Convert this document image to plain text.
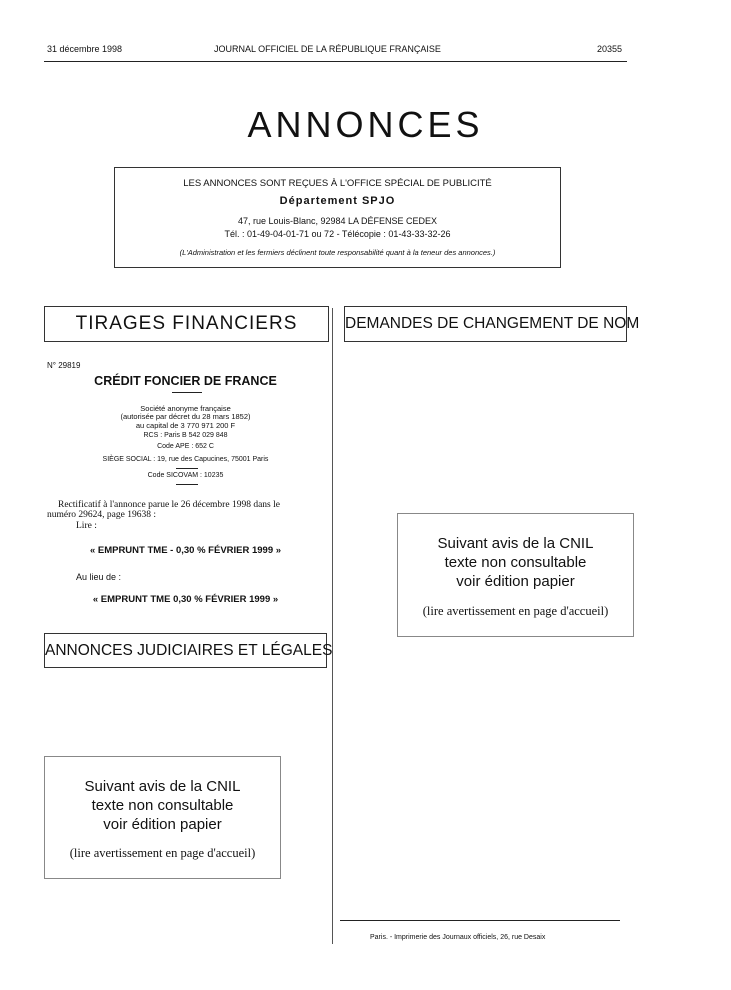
31 décembre 1998	JOURNAL OFFICIEL DE LA RÉPUBLIQUE FRANÇAISE	20355
ANNONCES
LES ANNONCES SONT REÇUES À L'OFFICE SPÉCIAL DE PUBLICITÉ
Département SPJO
47, rue Louis-Blanc, 92984 LA DÉFENSE CEDEX
Tél. : 01-49-04-01-71 ou 72 - Télécopie : 01-43-33-32-26
(L'Administration et les fermiers déclinent toute responsabilité quant à la teneur des annonces.)
TIRAGES FINANCIERS	DEMANDES DE CHANGEMENT DE NOM
N° 29819
CRÉDIT FONCIER DE FRANCE
Société anonyme française
(autorisée par décret du 28 mars 1852)
au capital de 3 770 971 200 F
RCS : Paris B 542 029 848
Code APE : 652 C
SIÈGE SOCIAL : 19, rue des Capucines, 75001 Paris
Code SICOVAM : 10235
Rectificatif à l'annonce parue le 26 décembre 1998 dans le
numéro 29624, page 19638 :
Lire :
« EMPRUNT TME - 0,30 % FÉVRIER 1999 »
Au lieu de :
« EMPRUNT TME 0,30 % FÉVRIER 1999 »
ANNONCES JUDICIAIRES ET LÉGALES
Suivant avis de la CNIL
texte non consultable
voir édition papier
(lire avertissement en page d'accueil)
Suivant avis de la CNIL
texte non consultable
voir édition papier
(lire avertissement en page d'accueil)
Paris. - Imprimerie des Journaux officiels, 26, rue Desaix
